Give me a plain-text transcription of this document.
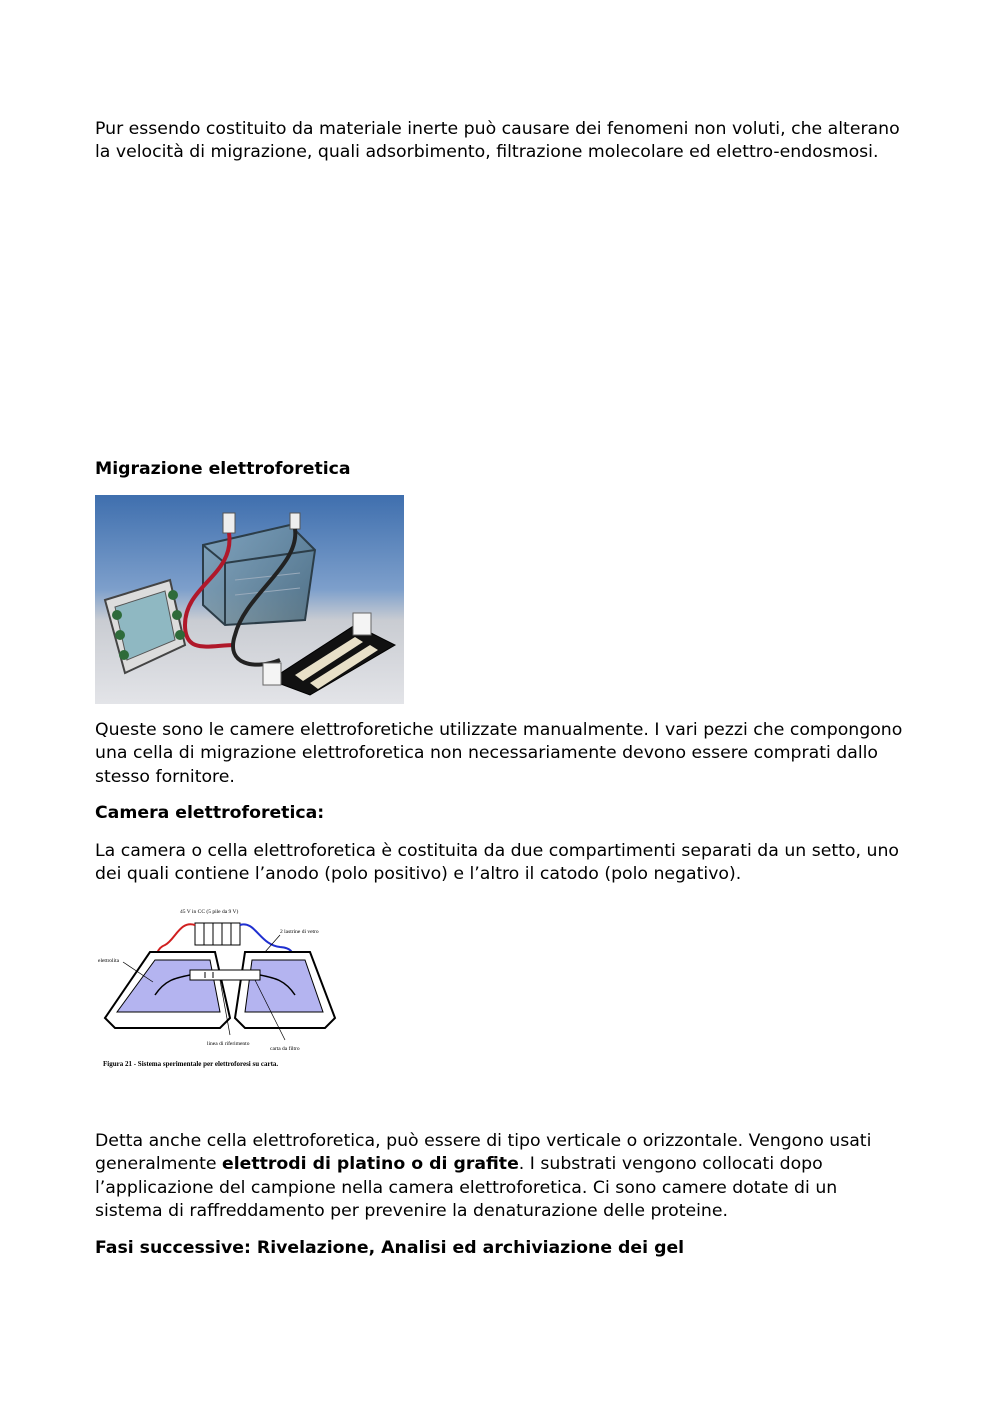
Pur essendo costituito da materiale inerte può causare dei fenomeni non voluti, che alterano la velocità di migrazione, quali adsorbimento, filtrazione molecolare ed elettro-endosmosi.

Migrazione elettroforetica

Queste sono le camere elettroforetiche utilizzate manualmente. I vari pezzi che compongono una cella di migrazione elettroforetica non necessariamente devono essere comprati dallo stesso fornitore.

Camera elettroforetica:

La camera o cella elettroforetica è costituita da due compartimenti separati da un setto, uno dei quali contiene l’anodo (polo positivo) e l’altro il catodo (polo negativo).

45 V in CC (5 pile da 9 V)
2 lastrine di vetro
elettrolita
linea di riferimento
carta da filtro
Figura 21 - Sistema sperimentale per elettroforesi su carta.

Detta anche cella elettroforetica, può essere di tipo verticale o orizzontale. Vengono usati generalmente elettrodi di platino o di grafite. I substrati vengono collocati dopo l’applicazione del campione nella camera elettroforetica. Ci sono camere dotate di un sistema di raffreddamento per prevenire la denaturazione delle proteine.

Fasi successive: Rivelazione, Analisi ed archiviazione dei gel
